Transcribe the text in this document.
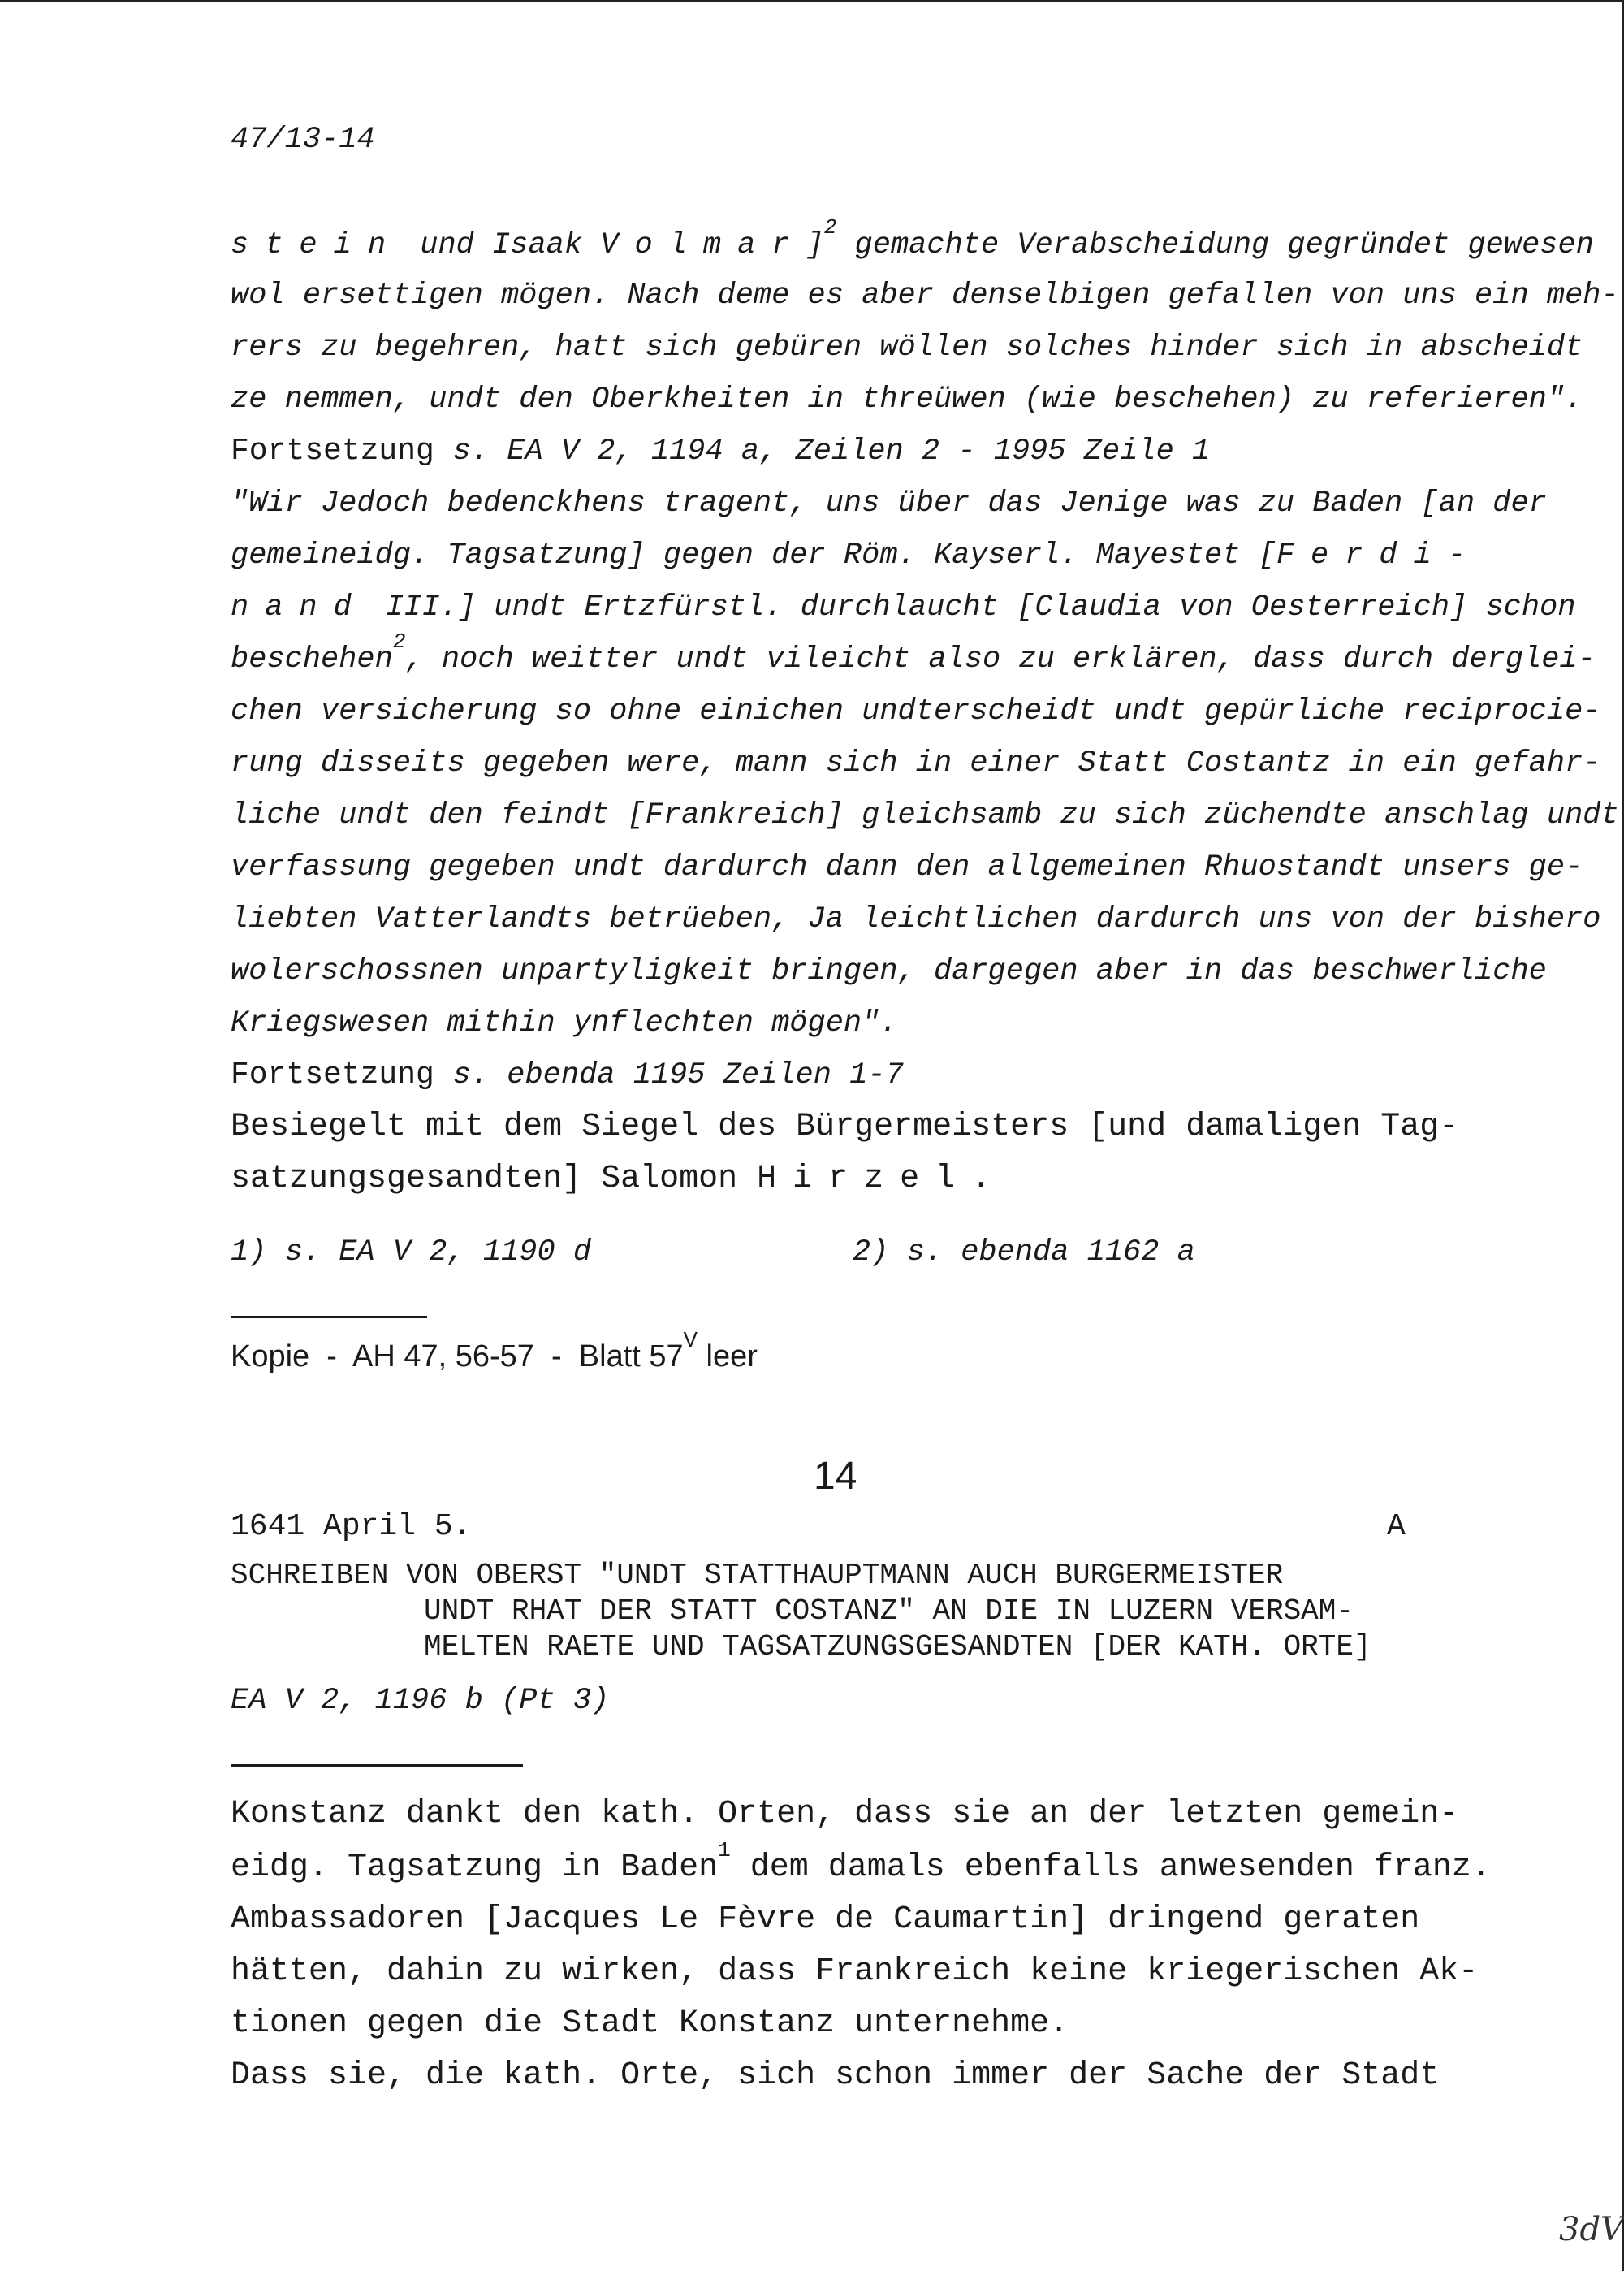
47/13-14
stein und Isaak Volmar]$^2$ gemachte Verabscheidung gegründet gewesen
wol ersettigen mögen. Nach deme es aber denselbigen gefallen von uns ein meh-
rers zu begehren, hatt sich gebüren wöllen solches hinder sich in abscheidt
ze nemmen, undt den Oberkheiten in threüwen (wie beschehen) zu referieren".
Fortsetzung s. EA V 2, 1194 a, Zeilen 2 - 1995 Zeile 1
"Wir Jedoch bedenckhens tragent, uns über das Jenige was zu Baden [an der
gemeineidg. Tagsatzung] gegen der Röm. Kayserl. Mayestet [Ferdi-
nand III.] undt Ertzfürstl. durchlaucht [Claudia von Oesterreich] schon
beschehen$^2$, noch weitter undt vileicht also zu erklären, dass durch derglei-
chen versicherung so ohne einichen undterscheidt undt gepürliche reciprocie-
rung disseits gegeben were, mann sich in einer Statt Costantz in ein gefahr-
liche undt den feindt [Frankreich] gleichsamb zu sich züchendte anschlag undt
verfassung gegeben undt dardurch dann den allgemeinen Rhuostandt unsers ge-
liebten Vatterlandts betrüeben, Ja leichtlichen dardurch uns von der bishero
wolerschossnen unpartyligkeit bringen, dargegen aber in das beschwerliche
Kriegswesen mithin ynflechten mögen".
Fortsetzung s. ebenda 1195 Zeilen 1-7
Besiegelt mit dem Siegel des Bürgermeisters [und damaligen Tag-
satzungsgesandten] Salomon Hirzel.
1) s. EA V 2, 1190 d	2) s. ebenda 1162 a
Kopie  -  AH 47, 56-57  -  Blatt $57^V$ leer
14
1641 April 5.	A
SCHREIBEN VON OBERST "UNDT STATTHAUPTMANN AUCH BURGERMEISTER
UNDT RHAT DER STATT COSTANZ" AN DIE IN LUZERN VERSAM-
MELTEN RAETE UND TAGSATZUNGSGESANDTEN [DER KATH. ORTE]
EA V 2, 1196 b (Pt 3)
Konstanz dankt den kath. Orten, dass sie an der letzten gemein-
eidg. Tagsatzung in Baden$^1$ dem damals ebenfalls anwesenden franz.
Ambassadoren [Jacques Le Fèvre de Caumartin] dringend geraten
hätten, dahin zu wirken, dass Frankreich keine kriegerischen Ak-
tionen gegen die Stadt Konstanz unternehme.
Dass sie, die kath. Orte, sich schon immer der Sache der Stadt
3dV
